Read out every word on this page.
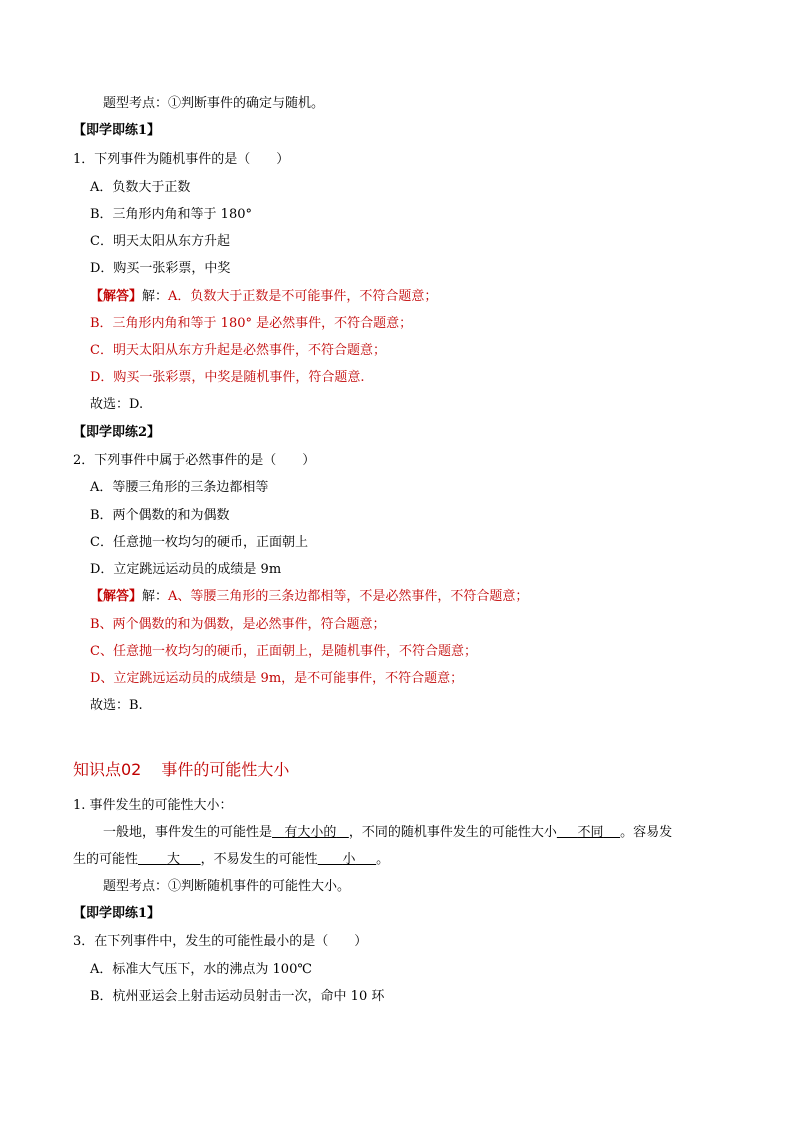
题型考点：①判断事件的确定与随机。
【即学即练1】
1．下列事件为随机事件的是（　　）
A．负数大于正数
B．三角形内角和等于 180°
C．明天太阳从东方升起
D．购买一张彩票，中奖
【解答】解：A．负数大于正数是不可能事件，不符合题意；
B．三角形内角和等于 180° 是必然事件，不符合题意；
C．明天太阳从东方升起是必然事件，不符合题意；
D．购买一张彩票，中奖是随机事件，符合题意.
故选：D.
【即学即练2】
2．下列事件中属于必然事件的是（　　）
A．等腰三角形的三条边都相等
B．两个偶数的和为偶数
C．任意抛一枚均匀的硬币，正面朝上
D．立定跳远运动员的成绩是 9m
【解答】解：A、等腰三角形的三条边都相等，不是必然事件，不符合题意；
B、两个偶数的和为偶数，是必然事件，符合题意；
C、任意抛一枚均匀的硬币，正面朝上，是随机事件，不符合题意；
D、立定跳远运动员的成绩是 9m，是不可能事件，不符合题意；
故选：B.
知识点02 事件的可能性大小
1. 事件发生的可能性大小：
一般地，事件发生的可能性是 有大小的 ，不同的随机事件发生的可能性大小 不同 。容易发
生的可能性 大 ，不易发生的可能性 小 。
题型考点：①判断随机事件的可能性大小。
【即学即练1】
3．在下列事件中，发生的可能性最小的是（　　）
A．标准大气压下，水的沸点为 100℃
B．杭州亚运会上射击运动员射击一次，命中 10 环
